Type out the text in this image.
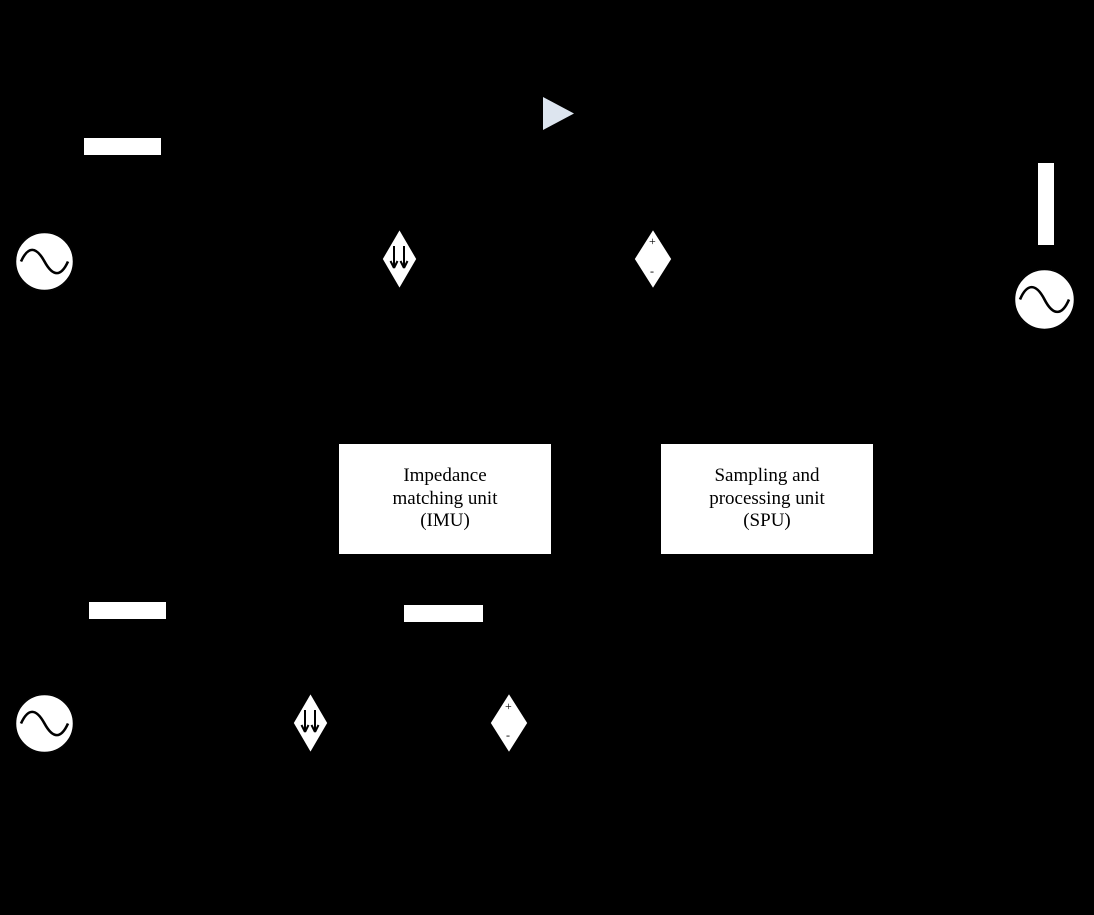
+
-
+
-
Impedance
matching unit
(IMU)
Sampling and
processing unit
(SPU)
